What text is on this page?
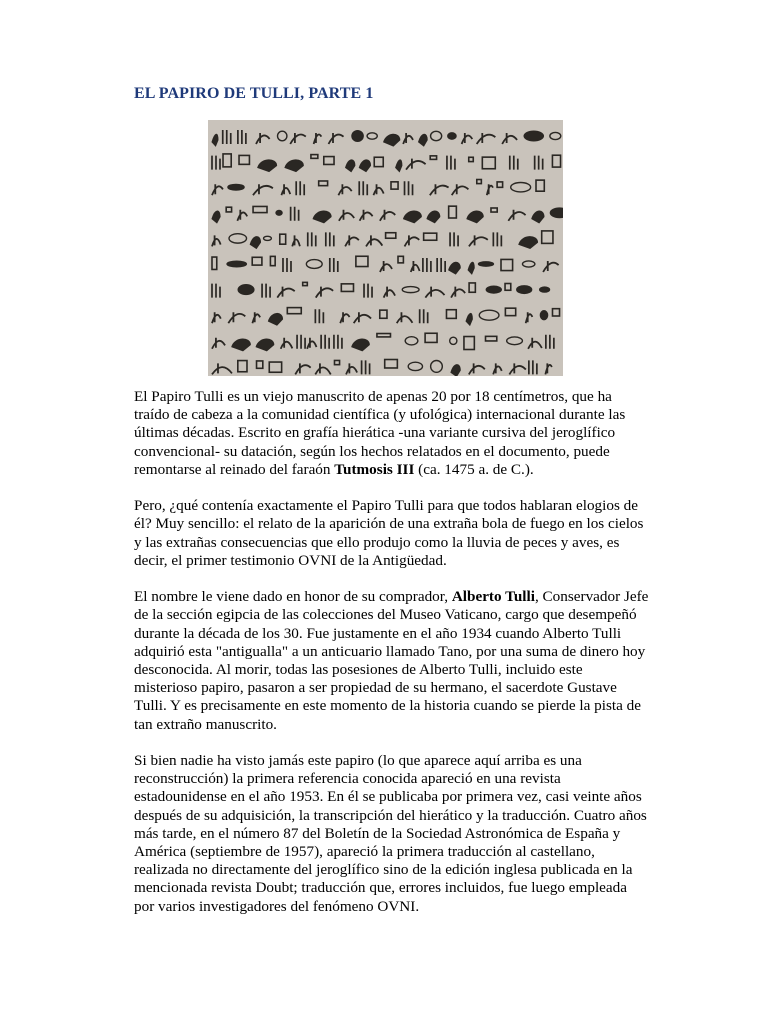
EL PAPIRO DE TULLI, PARTE 1

El Papiro Tulli es un viejo manuscrito de apenas 20 por 18 centímetros, que ha traído de cabeza a la comunidad científica (y ufológica) internacional durante las últimas décadas. Escrito en grafía hierática -una variante cursiva del jeroglífico convencional- su datación, según los hechos relatados en el documento, puede remontarse al reinado del faraón Tutmosis III (ca. 1475 a. de C.).

Pero, ¿qué contenía exactamente el Papiro Tulli para que todos hablaran elogios de él? Muy sencillo: el relato de la aparición de una extraña bola de fuego en los cielos y las extrañas consecuencias que ello produjo como la lluvia de peces y aves, es decir, el primer testimonio OVNI de la Antigüedad.

El nombre le viene dado en honor de su comprador, Alberto Tulli, Conservador Jefe de la sección egipcia de las colecciones del Museo Vaticano, cargo que desempeñó durante la década de los 30. Fue justamente en el año 1934 cuando Alberto Tulli adquirió esta "antigualla" a un anticuario llamado Tano, por una suma de dinero hoy desconocida. Al morir, todas las posesiones de Alberto Tulli, incluido este misterioso papiro, pasaron a ser propiedad de su hermano, el sacerdote Gustave Tulli. Y es precisamente en este momento de la historia cuando se pierde la pista de tan extraño manuscrito.

Si bien nadie ha visto jamás este papiro (lo que aparece aquí arriba es una reconstrucción) la primera referencia conocida apareció en una revista estadounidense en el año 1953. En él se publicaba por primera vez, casi veinte años después de su adquisición, la transcripción del hierático y la traducción. Cuatro años más tarde, en el número 87 del Boletín de la Sociedad Astronómica de España y América (septiembre de 1957), apareció la primera traducción al castellano, realizada no directamente del jeroglífico sino de la edición inglesa publicada en la mencionada revista Doubt; traducción que, errores incluidos, fue luego empleada por varios investigadores del fenómeno OVNI.
